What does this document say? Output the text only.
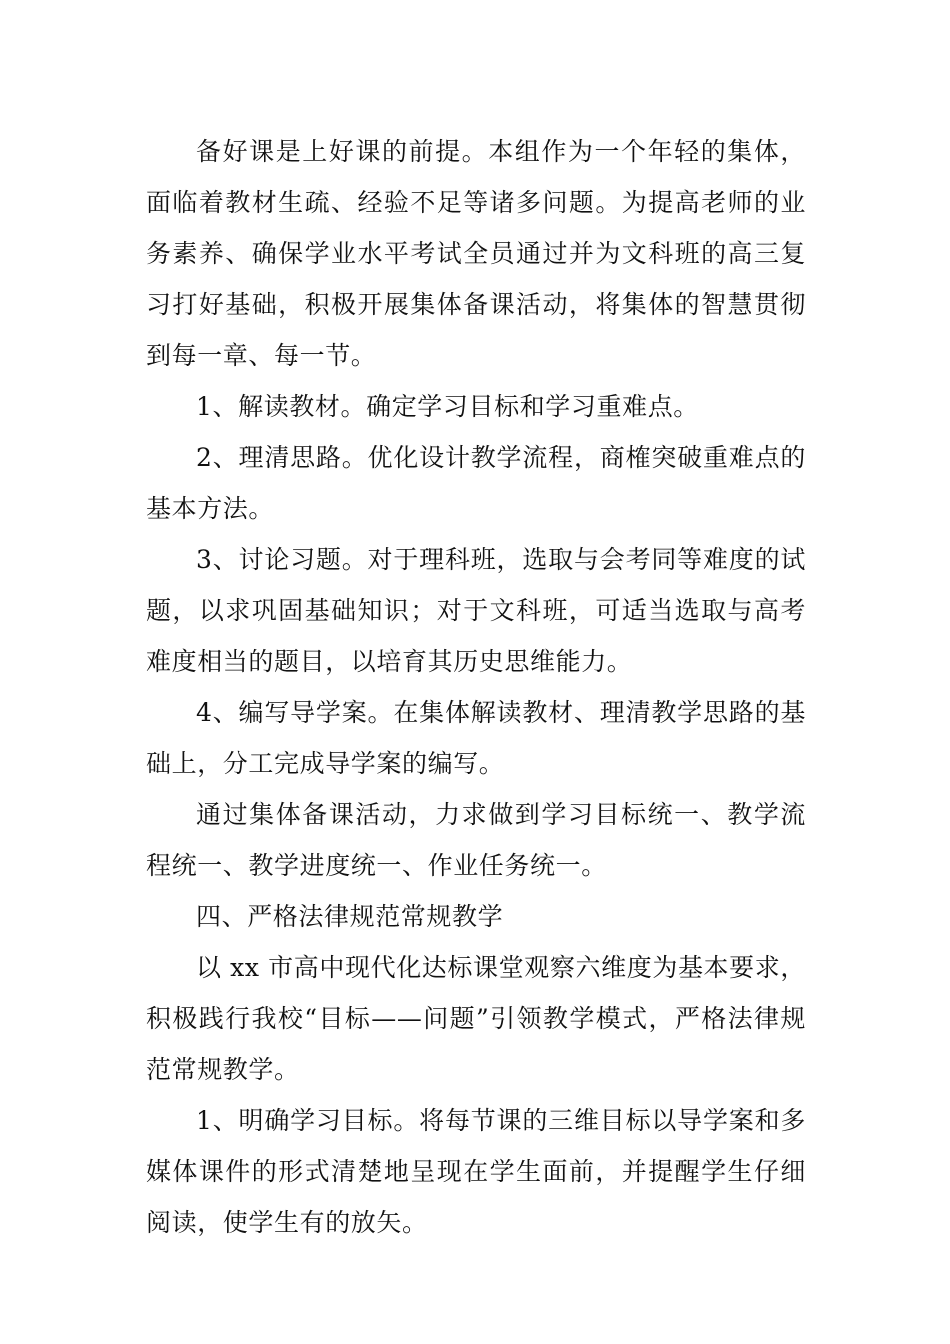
备好课是上好课的前提。本组作为一个年轻的集体，面临着教材生疏、经验不足等诸多问题。为提高老师的业务素养、确保学业水平考试全员通过并为文科班的高三复习打好基础，积极开展集体备课活动，将集体的智慧贯彻到每一章、每一节。

1、解读教材。确定学习目标和学习重难点。

2、理清思路。优化设计教学流程，商榷突破重难点的基本方法。

3、讨论习题。对于理科班，选取与会考同等难度的试题，以求巩固基础知识；对于文科班，可适当选取与高考难度相当的题目，以培育其历史思维能力。

4、编写导学案。在集体解读教材、理清教学思路的基础上，分工完成导学案的编写。

通过集体备课活动，力求做到学习目标统一、教学流程统一、教学进度统一、作业任务统一。

四、严格法律规范常规教学

以 xx 市高中现代化达标课堂观察六维度为基本要求，积极践行我校“目标——问题”引领教学模式，严格法律规范常规教学。

1、明确学习目标。将每节课的三维目标以导学案和多媒体课件的形式清楚地呈现在学生面前，并提醒学生仔细阅读，使学生有的放矢。
